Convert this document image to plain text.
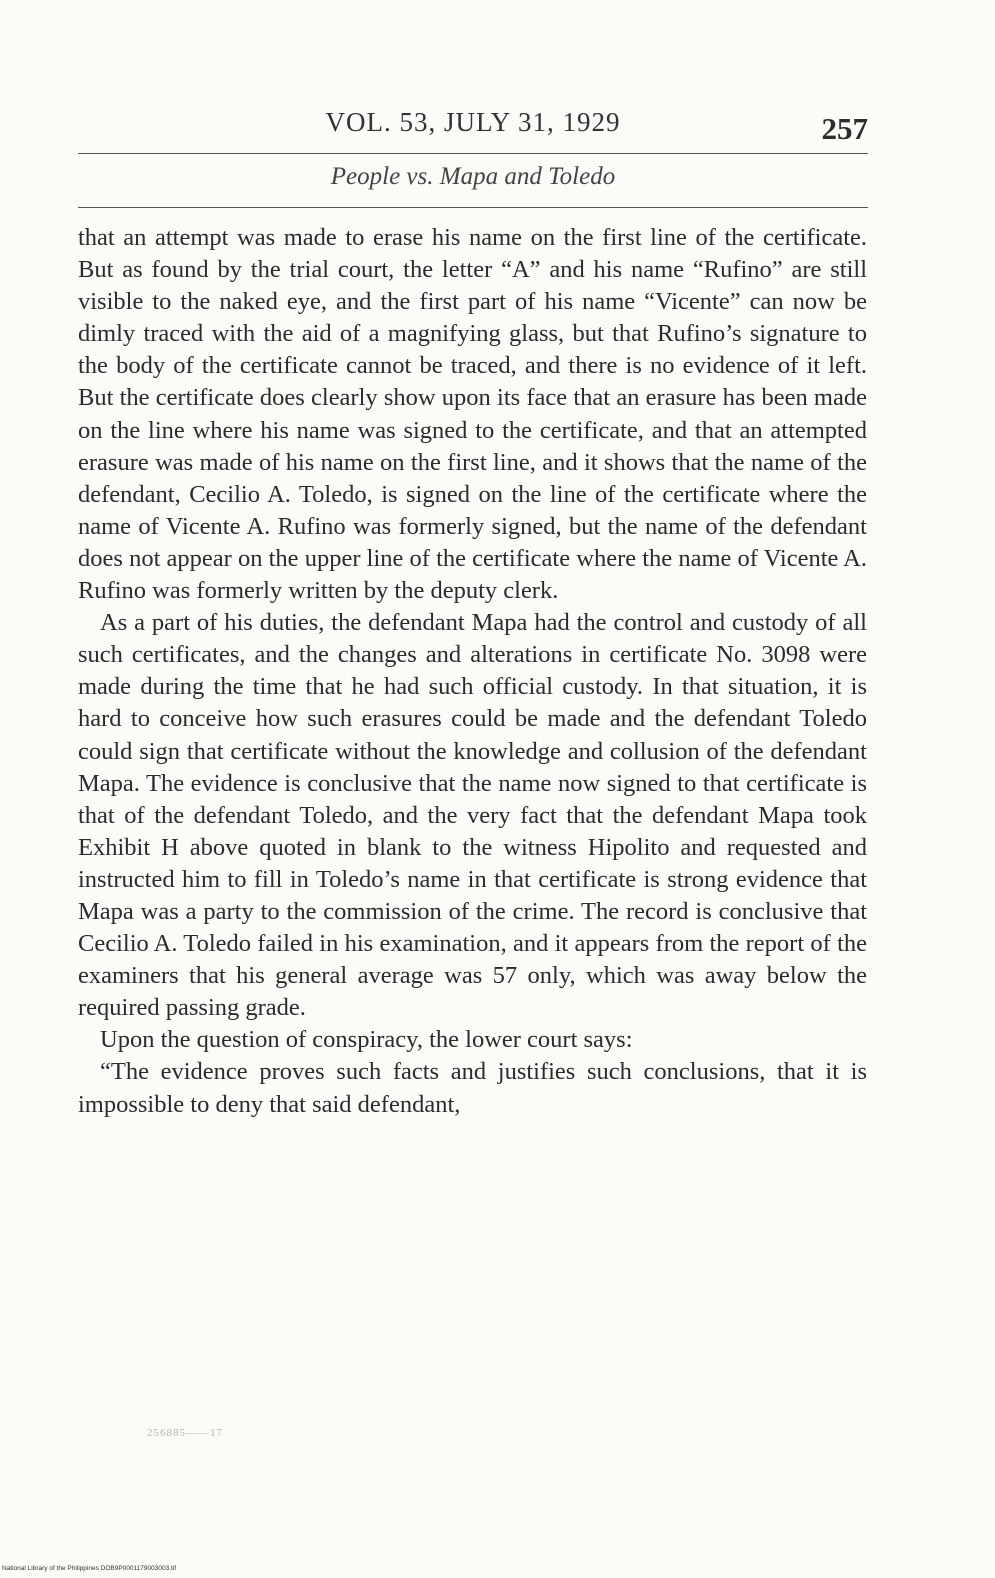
VOL. 53, JULY 31, 1929	257
People vs. Mapa and Toledo

that an attempt was made to erase his name on the first line of the certificate. But as found by the trial court, the letter “A” and his name “Rufino” are still visible to the naked eye, and the first part of his name “Vicente” can now be dimly traced with the aid of a magnifying glass, but that Rufino’s signature to the body of the certificate cannot be traced, and there is no evidence of it left. But the certificate does clearly show upon its face that an erasure has been made on the line where his name was signed to the certificate, and that an attempted erasure was made of his name on the first line, and it shows that the name of the defendant, Cecilio A. Toledo, is signed on the line of the certificate where the name of Vicente A. Rufino was formerly signed, but the name of the defendant does not appear on the upper line of the certificate where the name of Vicente A. Rufino was formerly written by the deputy clerk.

As a part of his duties, the defendant Mapa had the control and custody of all such certificates, and the changes and alterations in certificate No. 3098 were made during the time that he had such official custody. In that situation, it is hard to conceive how such erasures could be made and the defendant Toledo could sign that certificate without the knowledge and collusion of the defendant Mapa. The evidence is conclusive that the name now signed to that certificate is that of the defendant Toledo, and the very fact that the defendant Mapa took Exhibit H above quoted in blank to the witness Hipolito and requested and instructed him to fill in Toledo’s name in that certificate is strong evidence that Mapa was a party to the commission of the crime. The record is conclusive that Cecilio A. Toledo failed in his examination, and it appears from the report of the examiners that his general average was 57 only, which was away below the required passing grade.

Upon the question of conspiracy, the lower court says:

“The evidence proves such facts and justifies such conclusions, that it is impossible to deny that said defendant,

256885——17
National Library of the Philippines DOB9P0001179003003.tif
